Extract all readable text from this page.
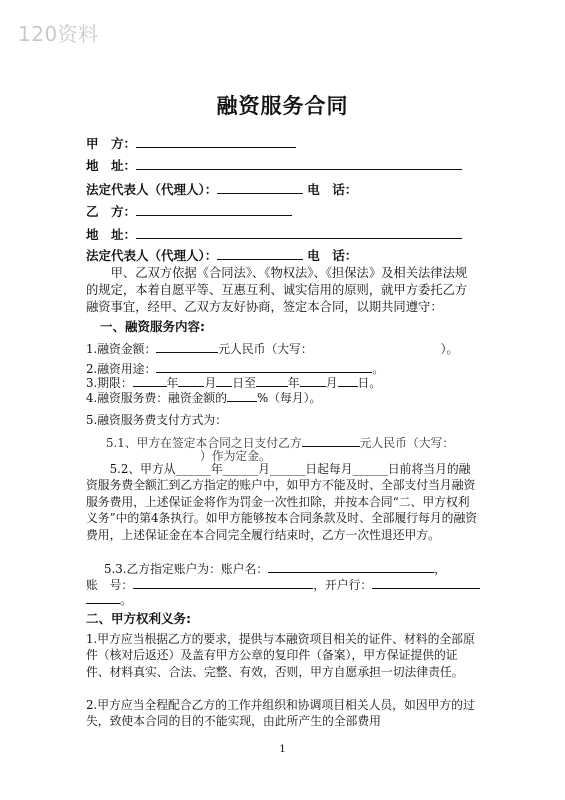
120资料
融资服务合同
甲　方：
地　址：
法定代表人（代理人）：	电　话：
乙　方：
地　址：
法定代表人（代理人）：	电　话：
甲、乙双方依据《合同法》、《物权法》、《担保法》及相关法律法规的规定，本着自愿平等、互惠互利、诚实信用的原则，就甲方委托乙方融资事宜，经甲、乙双方友好协商，签定本合同，以期共同遵守：
一、融资服务内容:
1.融资金额：	元人民币（大写：	）。
2.融资用途：	。
3.期限：	年 月 日至	年 月 日。
4.融资服务费：融资金额的	%（每月）。
5.融资服务费支付方式为：
5.1、甲方在签定本合同之日支付乙方	元人民币（大写：
）作为定金。
5.2、甲方从______年______月______日起每月______日前将当月的融资服务费全额汇到乙方指定的账户中，如甲方不能及时、全部支付当月融资服务费用，上述保证金将作为罚金一次性扣除，并按本合同“二、甲方权利义务”中的第4条执行。如甲方能够按本合同条款及时、全部履行每月的融资费用，上述保证金在本合同完全履行结束时，乙方一次性退还甲方。
5.3.乙方指定账户为：账户名：	，
账　号：	，开户行：
。
二、甲方权利义务:
1.甲方应当根据乙方的要求，提供与本融资项目相关的证件、材料的全部原件（核对后返还）及盖有甲方公章的复印件（备案），甲方保证提供的证件、材料真实、合法、完整、有效，否则，甲方自愿承担一切法律责任。
2.甲方应当全程配合乙方的工作并组织和协调项目相关人员，如因甲方的过失，致使本合同的目的不能实现，由此所产生的全部费用
1
